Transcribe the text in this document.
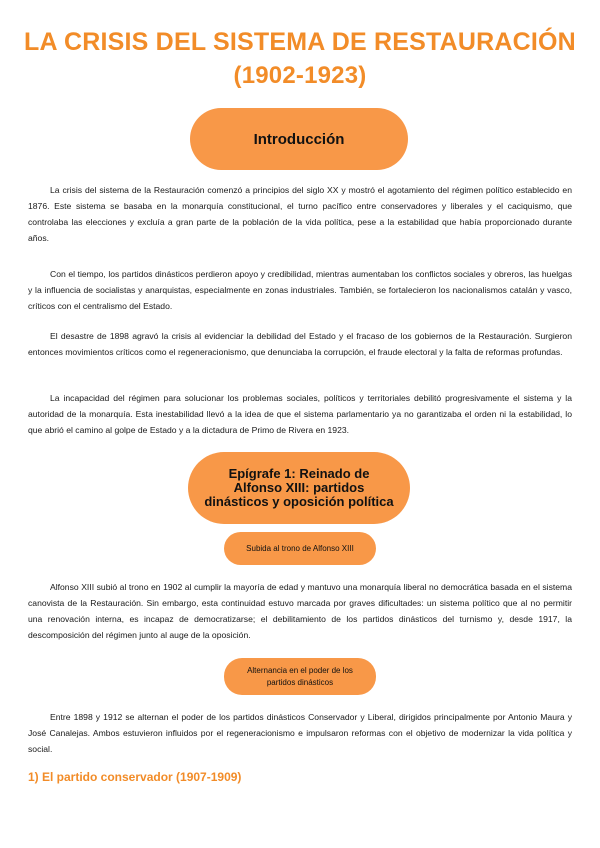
LA CRISIS DEL SISTEMA DE RESTAURACIÓN
(1902-1923)
Introducción

La crisis del sistema de la Restauración comenzó a principios del siglo XX y mostró el agotamiento del régimen político establecido en 1876. Este sistema se basaba en la monarquía constitucional, el turno pacífico entre conservadores y liberales y el caciquismo, que controlaba las elecciones y excluía a gran parte de la población de la vida política, pese a la estabilidad que había proporcionado durante años.

Con el tiempo, los partidos dinásticos perdieron apoyo y credibilidad, mientras aumentaban los conflictos sociales y obreros, las huelgas y la influencia de socialistas y anarquistas, especialmente en zonas industriales. También, se fortalecieron los nacionalismos catalán y vasco, críticos con el centralismo del Estado.

El desastre de 1898 agravó la crisis al evidenciar la debilidad del Estado y el fracaso de los gobiernos de la Restauración. Surgieron entonces movimientos críticos como el regeneracionismo, que denunciaba la corrupción, el fraude electoral y la falta de reformas profundas.

La incapacidad del régimen para solucionar los problemas sociales, políticos y territoriales debilitó progresivamente el sistema y la autoridad de la monarquía. Esta inestabilidad llevó a la idea de que el sistema parlamentario ya no garantizaba el orden ni la estabilidad, lo que abrió el camino al golpe de Estado y a la dictadura de Primo de Rivera en 1923.

Epígrafe 1: Reinado de Alfonso XIII: partidos dinásticos y oposición política
Subida al trono de Alfonso XIII

Alfonso XIII subió al trono en 1902 al cumplir la mayoría de edad y mantuvo una monarquía liberal no democrática basada en el sistema canovista de la Restauración. Sin embargo, esta continuidad estuvo marcada por graves dificultades: un sistema político que al no permitir una renovación interna, es incapaz de democratizarse; el debilitamiento de los partidos dinásticos del turnismo y, desde 1917, la descomposición del régimen junto al auge de la oposición.

Alternancia en el poder de los partidos dinásticos

Entre 1898 y 1912 se alternan el poder de los partidos dinásticos Conservador y Liberal, dirigidos principalmente por Antonio Maura y José Canalejas. Ambos estuvieron influidos por el regeneracionismo e impulsaron reformas con el objetivo de modernizar la vida política y social.

1) El partido conservador (1907-1909)
